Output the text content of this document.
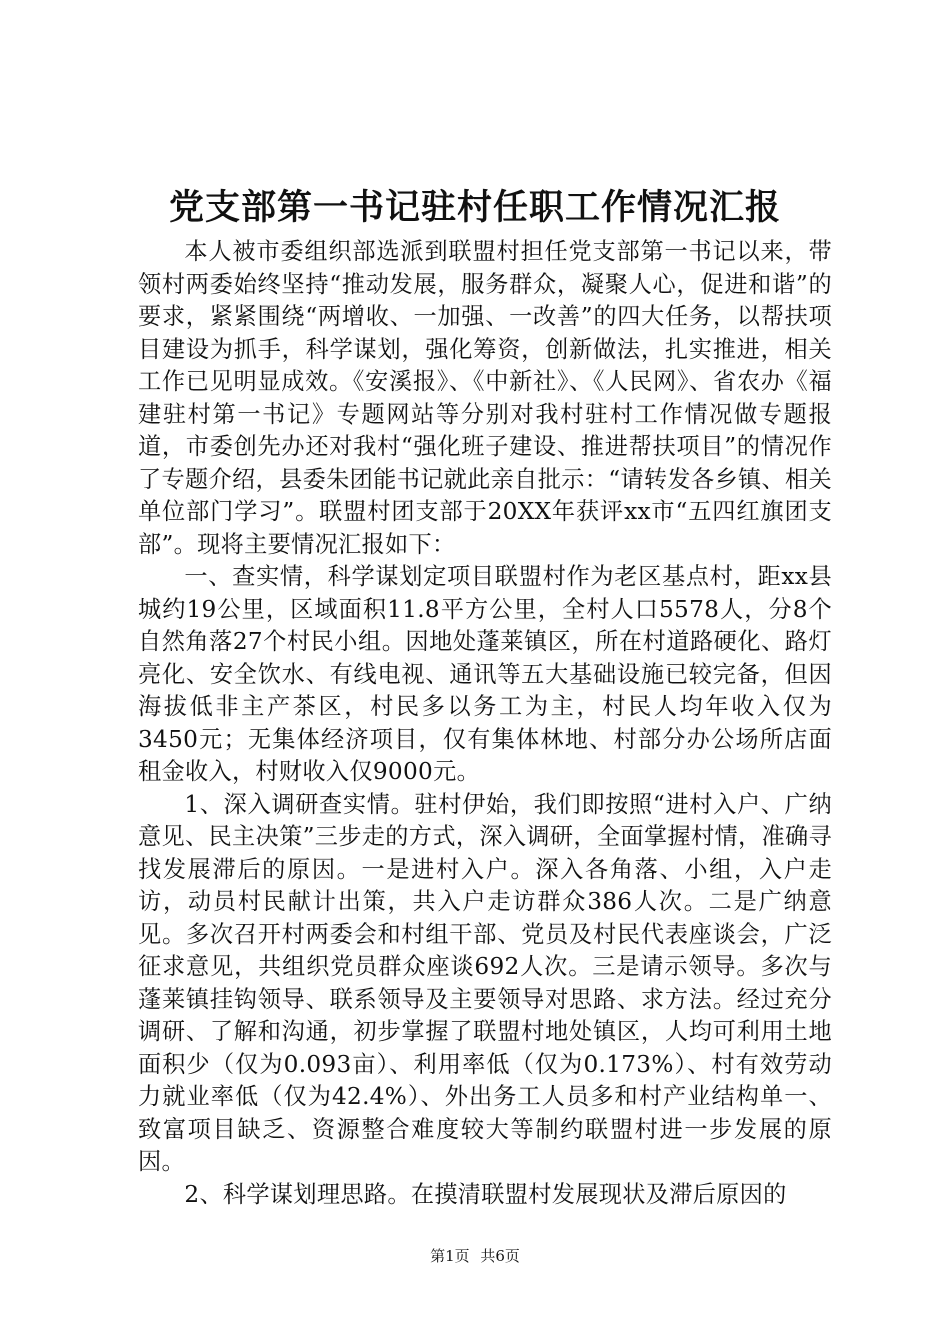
党支部第一书记驻村任职工作情况汇报

本人被市委组织部选派到联盟村担任党支部第一书记以来，带领村两委始终坚持“推动发展，服务群众，凝聚人心，促进和谐”的要求，紧紧围绕“两增收、一加强、一改善”的四大任务，以帮扶项目建设为抓手，科学谋划，强化筹资，创新做法，扎实推进，相关工作已见明显成效。《安溪报》、《中新社》、《人民网》、省农办《福建驻村第一书记》专题网站等分别对我村驻村工作情况做专题报道，市委创先办还对我村“强化班子建设、推进帮扶项目”的情况作了专题介绍，县委朱团能书记就此亲自批示：“请转发各乡镇、相关单位部门学习”。联盟村团支部于20XX年获评xx市“五四红旗团支部”。现将主要情况汇报如下：

一、查实情，科学谋划定项目联盟村作为老区基点村，距xx县城约19公里，区域面积11.8平方公里，全村人口5578人，分8个自然角落27个村民小组。因地处蓬莱镇区，所在村道路硬化、路灯亮化、安全饮水、有线电视、通讯等五大基础设施已较完备，但因海拔低非主产茶区，村民多以务工为主，村民人均年收入仅为3450元；无集体经济项目，仅有集体林地、村部分办公场所店面租金收入，村财收入仅9000元。

1、深入调研查实情。驻村伊始，我们即按照“进村入户、广纳意见、民主决策”三步走的方式，深入调研，全面掌握村情，准确寻找发展滞后的原因。一是进村入户。深入各角落、小组，入户走访，动员村民献计出策，共入户走访群众386人次。二是广纳意见。多次召开村两委会和村组干部、党员及村民代表座谈会，广泛征求意见，共组织党员群众座谈692人次。三是请示领导。多次与蓬莱镇挂钩领导、联系领导及主要领导对思路、求方法。经过充分调研、了解和沟通，初步掌握了联盟村地处镇区，人均可利用土地面积少（仅为0.093亩）、利用率低（仅为0.173%）、村有效劳动力就业率低（仅为42.4%）、外出务工人员多和村产业结构单一、致富项目缺乏、资源整合难度较大等制约联盟村进一步发展的原因。

2、科学谋划理思路。在摸清联盟村发展现状及滞后原因的

第1页 共6页
